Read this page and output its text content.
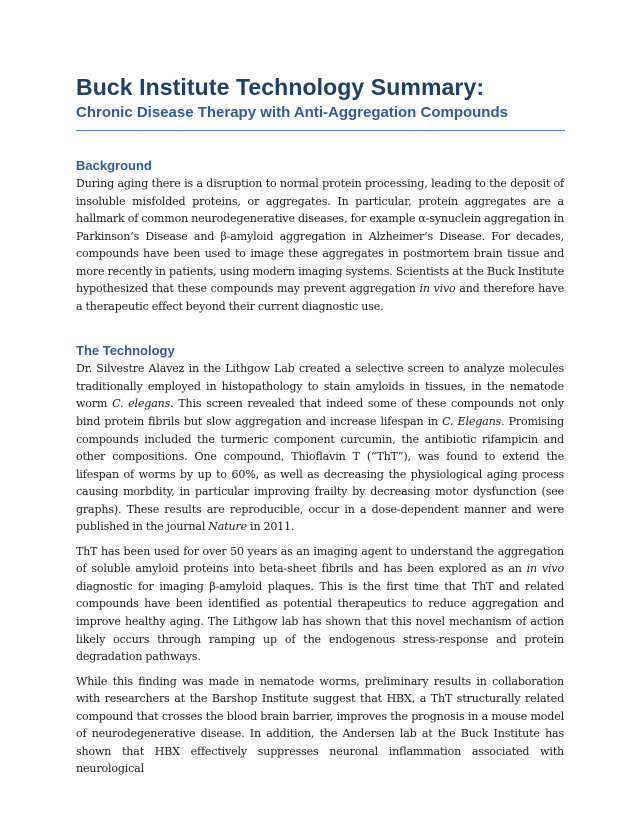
Buck Institute Technology Summary:
Chronic Disease Therapy with Anti-Aggregation Compounds
Background

During aging there is a disruption to normal protein processing, leading to the deposit of insoluble misfolded proteins, or aggregates. In particular, protein aggregates are a hallmark of common neurodegenerative diseases, for example α-synuclein aggregation in Parkinson’s Disease and β-amyloid aggregation in Alzheimer’s Disease. For decades, compounds have been used to image these aggregates in postmortem brain tissue and more recently in patients, using modern imaging systems. Scientists at the Buck Institute hypothesized that these compounds may prevent aggregation in vivo and therefore have a therapeutic effect beyond their current diagnostic use.

The Technology

Dr. Silvestre Alavez in the Lithgow Lab created a selective screen to analyze molecules traditionally employed in histopathology to stain amyloids in tissues, in the nematode worm C. elegans. This screen revealed that indeed some of these compounds not only bind protein fibrils but slow aggregation and increase lifespan in C. Elegans. Promising compounds included the turmeric component curcumin, the antibiotic rifampicin and other compositions. One compound, Thioflavin T (“ThT”), was found to extend the lifespan of worms by up to 60%, as well as decreasing the physiological aging process causing morbdity, in particular improving frailty by decreasing motor dysfunction (see graphs). These results are reproducible, occur in a dose-dependent manner and were published in the journal Nature in 2011.

ThT has been used for over 50 years as an imaging agent to understand the aggregation of soluble amyloid proteins into beta-sheet fibrils and has been explored as an in vivo diagnostic for imaging β-amyloid plaques. This is the first time that ThT and related compounds have been identified as potential therapeutics to reduce aggregation and improve healthy aging. The Lithgow lab has shown that this novel mechanism of action likely occurs through ramping up of the endogenous stress-response and protein degradation pathways.

While this finding was made in nematode worms, preliminary results in collaboration with researchers at the Barshop Institute suggest that HBX, a ThT structurally related compound that crosses the blood brain barrier, improves the prognosis in a mouse model of neurodegenerative disease. In addition, the Andersen lab at the Buck Institute has shown that HBX effectively suppresses neuronal inflammation associated with neurological
